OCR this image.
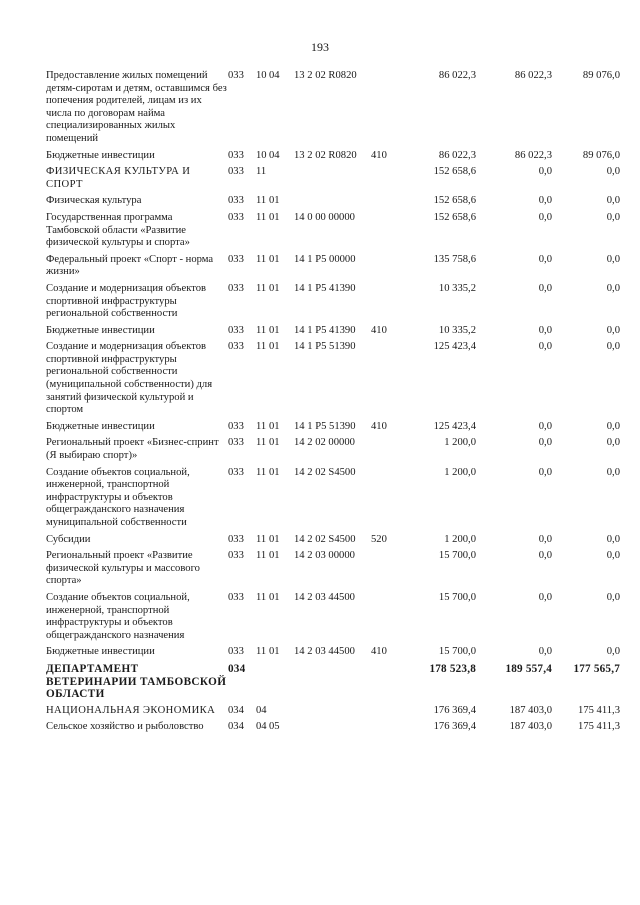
193
Предоставление жилых помещений детям-сиротам и детям, оставшимся без попечения родителей, лицам из их числа по договорам найма специализированных жилых помещений	033	10	04	13 2 02 R0820		86 022,3	86 022,3	89 076,0
Бюджетные инвестиции	033	10	04	13 2 02 R0820	410	86 022,3	86 022,3	89 076,0
ФИЗИЧЕСКАЯ КУЛЬТУРА И СПОРТ	033	11				152 658,6	0,0	0,0
Физическая культура	033	11	01			152 658,6	0,0	0,0
Государственная программа Тамбовской области «Развитие физической культуры и спорта»	033	11	01	14 0 00 00000		152 658,6	0,0	0,0
Федеральный проект «Спорт - норма жизни»	033	11	01	14 1 P5 00000		135 758,6	0,0	0,0
Создание и модернизация объектов спортивной инфраструктуры региональной собственности	033	11	01	14 1 P5 41390		10 335,2	0,0	0,0
Бюджетные инвестиции	033	11	01	14 1 P5 41390	410	10 335,2	0,0	0,0
Создание и модернизация объектов спортивной инфраструктуры региональной собственности (муниципальной собственности) для занятий физической культурой и спортом	033	11	01	14 1 P5 51390		125 423,4	0,0	0,0
Бюджетные инвестиции	033	11	01	14 1 P5 51390	410	125 423,4	0,0	0,0
Региональный проект «Бизнес-спринт (Я выбираю спорт)»	033	11	01	14 2 02 00000		1 200,0	0,0	0,0
Создание объектов социальной, инженерной, транспортной инфраструктуры и объектов общегражданского назначения муниципальной собственности	033	11	01	14 2 02 S4500		1 200,0	0,0	0,0
Субсидии	033	11	01	14 2 02 S4500	520	1 200,0	0,0	0,0
Региональный проект «Развитие физической культуры и массового спорта»	033	11	01	14 2 03 00000		15 700,0	0,0	0,0
Создание объектов социальной, инженерной, транспортной инфраструктуры и объектов общегражданского назначения	033	11	01	14 2 03 44500		15 700,0	0,0	0,0
Бюджетные инвестиции	033	11	01	14 2 03 44500	410	15 700,0	0,0	0,0
ДЕПАРТАМЕНТ ВЕТЕРИНАРИИ ТАМБОВСКОЙ ОБЛАСТИ	034					178 523,8	189 557,4	177 565,7
НАЦИОНАЛЬНАЯ ЭКОНОМИКА	034	04				176 369,4	187 403,0	175 411,3
Сельское хозяйство и рыболовство	034	04	05			176 369,4	187 403,0	175 411,3
